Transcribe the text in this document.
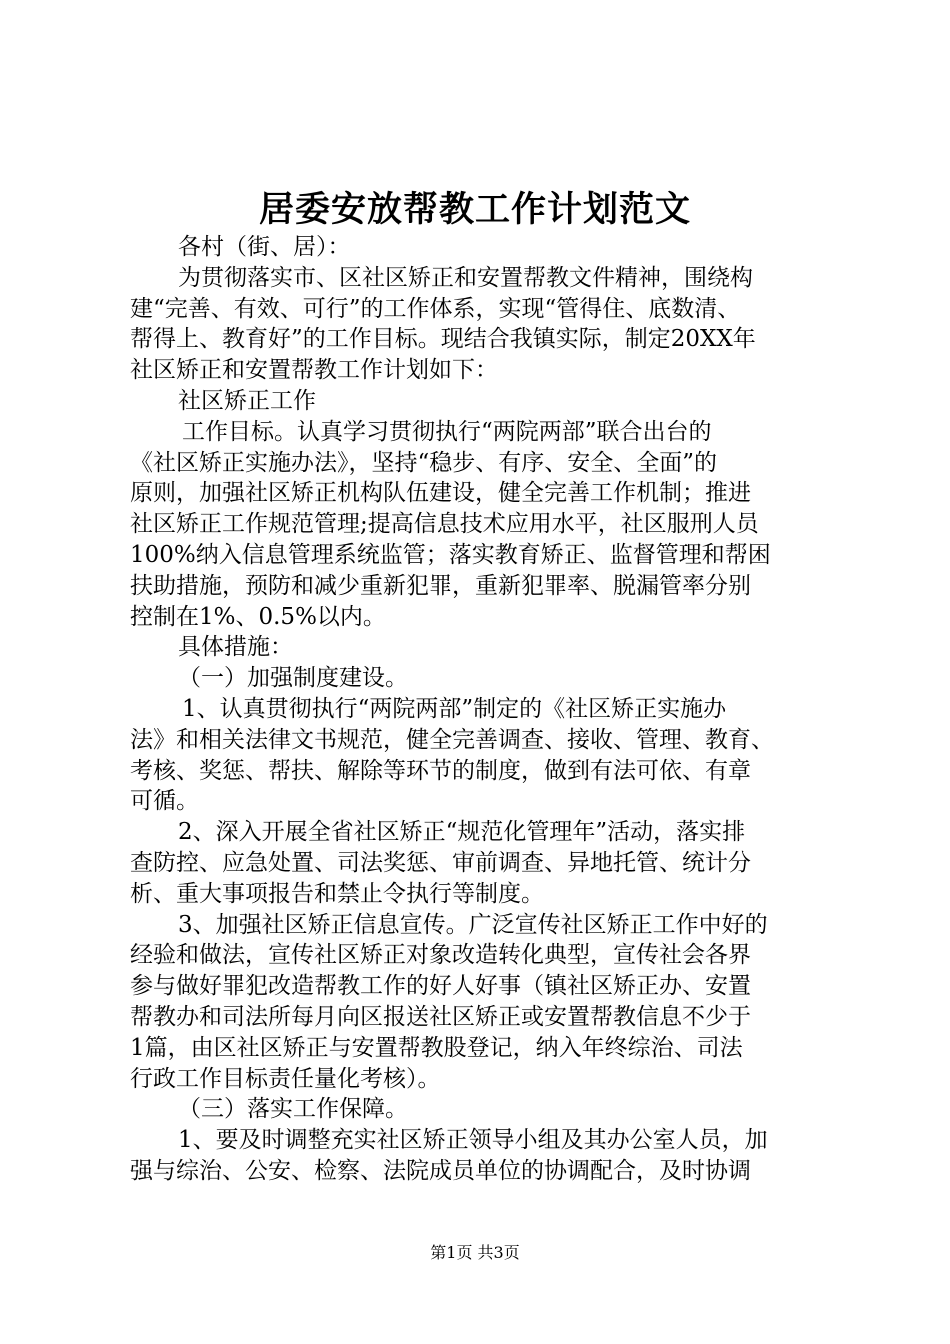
居委安放帮教工作计划范文

各村（街、居）：

为贯彻落实市、区社区矫正和安置帮教文件精神，围绕构

建“完善、有效、可行”的工作体系，实现“管得住、底数清、

帮得上、教育好”的工作目标。现结合我镇实际，制定20XX年

社区矫正和安置帮教工作计划如下：

社区矫正工作

工作目标。认真学习贯彻执行“两院两部”联合出台的

《社区矫正实施办法》，坚持“稳步、有序、安全、全面”的

原则，加强社区矫正机构队伍建设，健全完善工作机制；推进

社区矫正工作规范管理;提高信息技术应用水平，社区服刑人员

100%纳入信息管理系统监管；落实教育矫正、监督管理和帮困

扶助措施，预防和减少重新犯罪，重新犯罪率、脱漏管率分别

控制在1%、0.5%以内。

具体措施：

（一）加强制度建设。

1、认真贯彻执行“两院两部”制定的《社区矫正实施办

法》和相关法律文书规范，健全完善调查、接收、管理、教育、

考核、奖惩、帮扶、解除等环节的制度，做到有法可依、有章

可循。

2、深入开展全省社区矫正“规范化管理年”活动，落实排

查防控、应急处置、司法奖惩、审前调查、异地托管、统计分

析、重大事项报告和禁止令执行等制度。

3、加强社区矫正信息宣传。广泛宣传社区矫正工作中好的

经验和做法，宣传社区矫正对象改造转化典型，宣传社会各界

参与做好罪犯改造帮教工作的好人好事（镇社区矫正办、安置

帮教办和司法所每月向区报送社区矫正或安置帮教信息不少于

1篇，由区社区矫正与安置帮教股登记，纳入年终综治、司法

行政工作目标责任量化考核）。

（三）落实工作保障。

1、要及时调整充实社区矫正领导小组及其办公室人员，加

强与综治、公安、检察、法院成员单位的协调配合，及时协调

第1页 共3页
